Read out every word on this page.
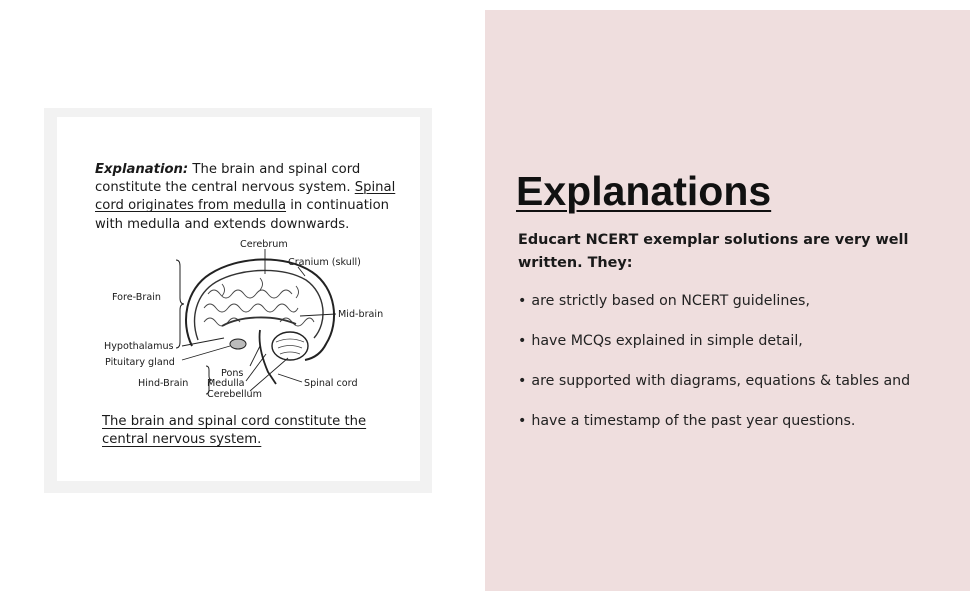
Explanation: The brain and spinal cord constitute the central nervous system. Spinal cord originates from medulla in continuation with medulla and extends downwards.
Cerebrum
Cranium (skull)
Fore-Brain
Mid-brain
Hypothalamus
Pituitary gland
Pons
Hind-Brain Medulla
Cerebellum
Spinal cord
The brain and spinal cord constitute the central nervous system.
Explanations

Educart NCERT exemplar solutions are very well written. They:

• are strictly based on NCERT guidelines,
• have MCQs explained in simple detail,
• are supported with diagrams, equations & tables and
• have a timestamp of the past year questions.
